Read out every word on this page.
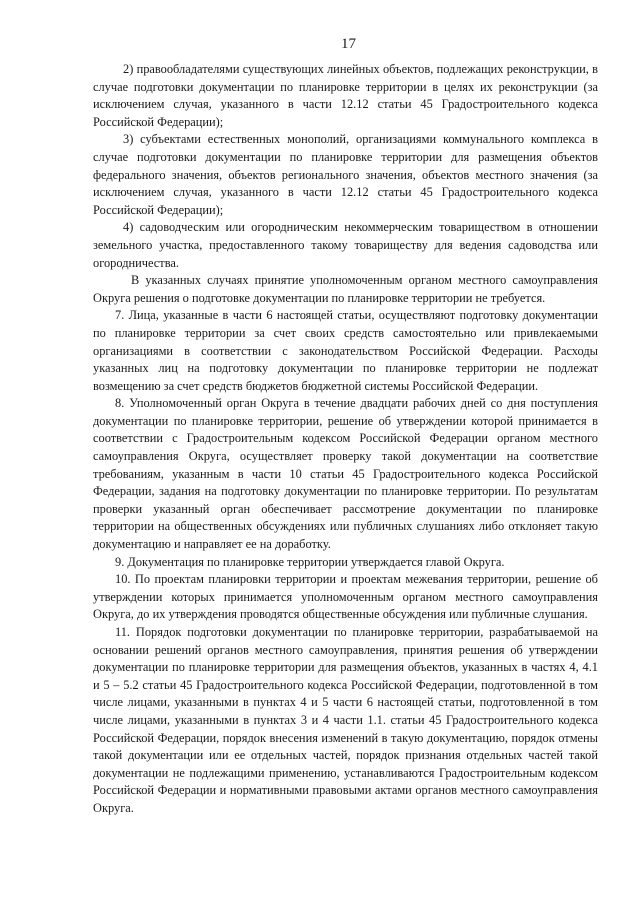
17

2) правообладателями существующих линейных объектов, подлежащих реконструкции, в случае подготовки документации по планировке территории в целях их реконструкции (за исключением случая, указанного в части 12.12 статьи 45 Градостроительного кодекса Российской Федерации);

3) субъектами естественных монополий, организациями коммунального комплекса в случае подготовки документации по планировке территории для размещения объектов федерального значения, объектов регионального значения, объектов местного значения (за исключением случая, указанного в части 12.12 статьи 45 Градостроительного кодекса Российской Федерации);

4) садоводческим или огородническим некоммерческим товариществом в отношении земельного участка, предоставленного такому товариществу для ведения садоводства или огородничества.

В указанных случаях принятие уполномоченным органом местного самоуправления Округа решения о подготовке документации по планировке территории не требуется.

7. Лица, указанные в части 6 настоящей статьи, осуществляют подготовку документации по планировке территории за счет своих средств самостоятельно или привлекаемыми организациями в соответствии с законодательством Российской Федерации. Расходы указанных лиц на подготовку документации по планировке территории не подлежат возмещению за счет средств бюджетов бюджетной системы Российской Федерации.

8. Уполномоченный орган Округа в течение двадцати рабочих дней со дня поступления документации по планировке территории, решение об утверждении которой принимается в соответствии с Градостроительным кодексом Российской Федерации органом местного самоуправления Округа, осуществляет проверку такой документации на соответствие требованиям, указанным в части 10 статьи 45 Градостроительного кодекса Российской Федерации, задания на подготовку документации по планировке территории. По результатам проверки указанный орган обеспечивает рассмотрение документации по планировке территории на общественных обсуждениях или публичных слушаниях либо отклоняет такую документацию и направляет ее на доработку.

9. Документация по планировке территории утверждается главой Округа.

10. По проектам планировки территории и проектам межевания территории, решение об утверждении которых принимается уполномоченным органом местного самоуправления Округа, до их утверждения проводятся общественные обсуждения или публичные слушания.

11. Порядок подготовки документации по планировке территории, разрабатываемой на основании решений органов местного самоуправления, принятия решения об утверждении документации по планировке территории для размещения объектов, указанных в частях 4, 4.1 и 5 – 5.2 статьи 45 Градостроительного кодекса Российской Федерации, подготовленной в том числе лицами, указанными в пунктах 4 и 5 части 6 настоящей статьи, подготовленной в том числе лицами, указанными в пунктах 3 и 4 части 1.1. статьи 45 Градостроительного кодекса Российской Федерации, порядок внесения изменений в такую документацию, порядок отмены такой документации или ее отдельных частей, порядок признания отдельных частей такой документации не подлежащими применению, устанавливаются Градостроительным кодексом Российской Федерации и нормативными правовыми актами органов местного самоуправления Округа.
